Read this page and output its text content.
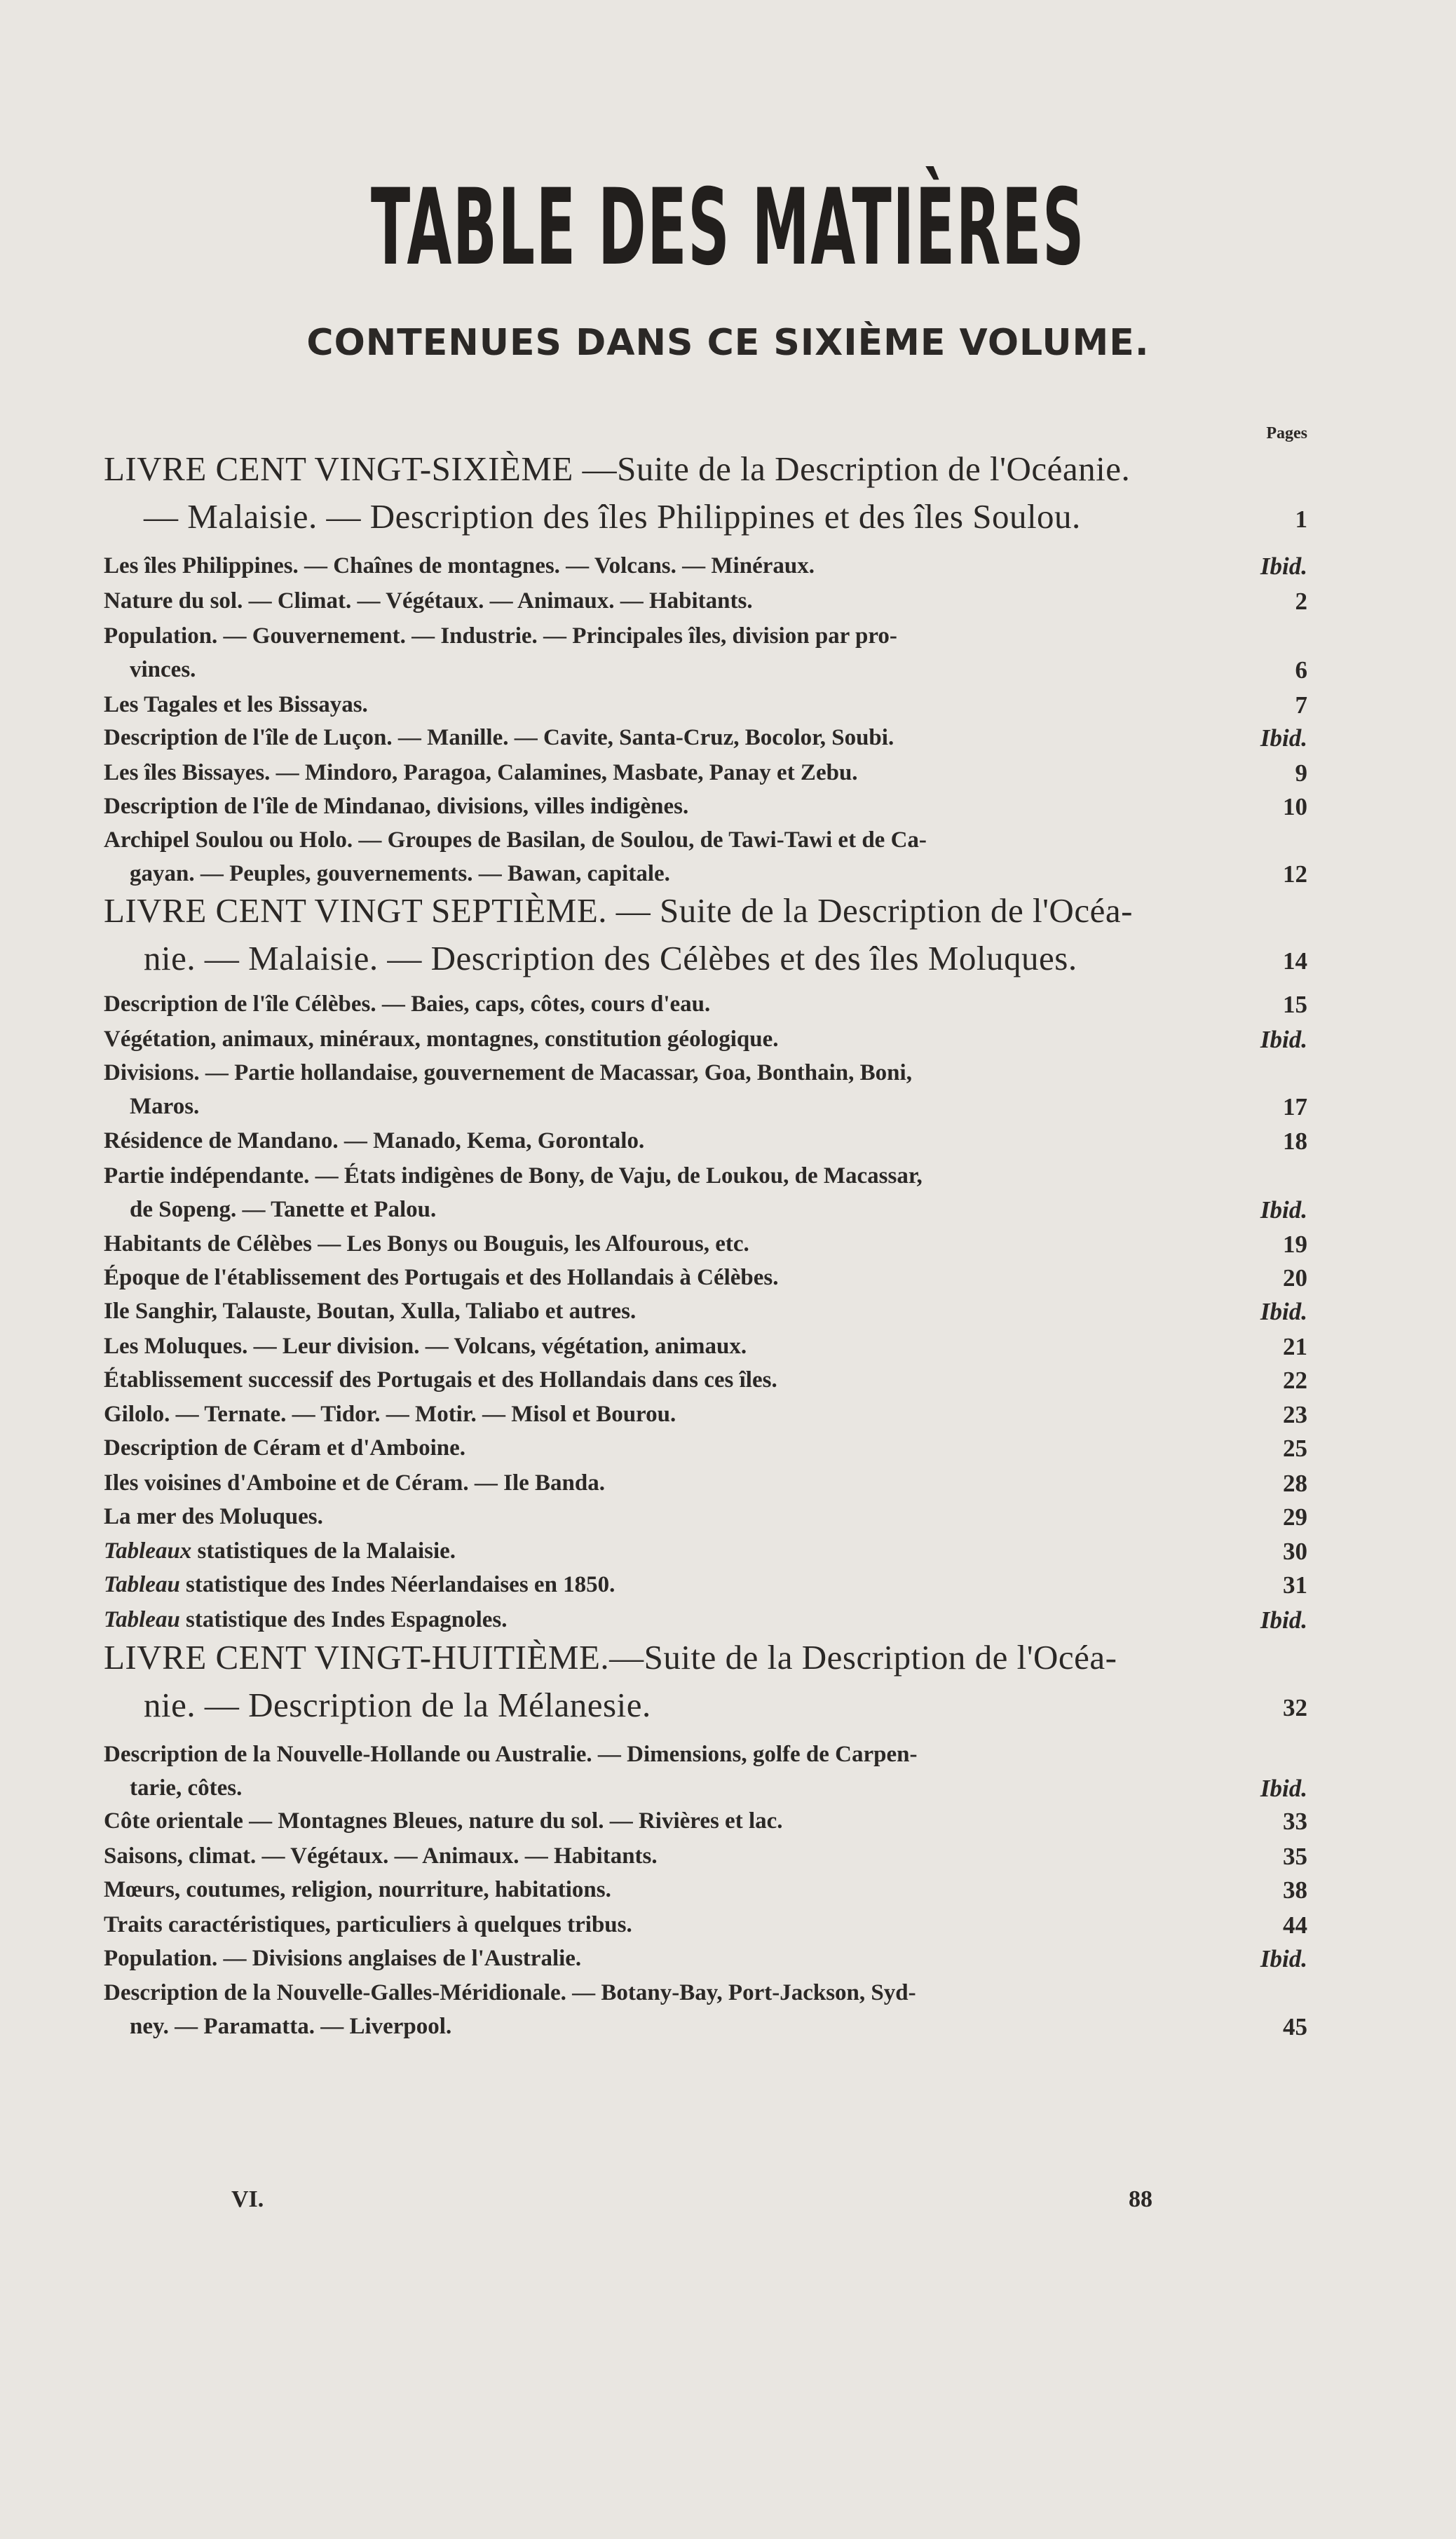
TABLE DES MATIÈRES
CONTENUES DANS CE SIXIÈME VOLUME.
Pages
LIVRE CENT VINGT-SIXIÈME —Suite de la Description de l'Océanie.
— Malaisie. — Description des îles Philippines et des îles Soulou.	1
Les îles Philippines. — Chaînes de montagnes. — Volcans. — Minéraux.	Ibid.
Nature du sol. — Climat. — Végétaux. — Animaux. — Habitants.	2
Population. — Gouvernement. — Industrie. — Principales îles, division par pro-
vinces.	6
Les Tagales et les Bissayas.	7
Description de l'île de Luçon. — Manille. — Cavite, Santa-Cruz, Bocolor, Soubi.	Ibid.
Les îles Bissayes. — Mindoro, Paragoa, Calamines, Masbate, Panay et Zebu.	9
Description de l'île de Mindanao, divisions, villes indigènes.	10
Archipel Soulou ou Holo. — Groupes de Basilan, de Soulou, de Tawi-Tawi et de Ca-
gayan. — Peuples, gouvernements. — Bawan, capitale.	12
LIVRE CENT VINGT SEPTIÈME. — Suite de la Description de l'Océa-
nie. — Malaisie. — Description des Célèbes et des îles Moluques.	14
Description de l'île Célèbes. — Baies, caps, côtes, cours d'eau.	15
Végétation, animaux, minéraux, montagnes, constitution géologique.	Ibid.
Divisions. — Partie hollandaise, gouvernement de Macassar, Goa, Bonthain, Boni,
Maros.	17
Résidence de Mandano. — Manado, Kema, Gorontalo.	18
Partie indépendante. — États indigènes de Bony, de Vaju, de Loukou, de Macassar,
de Sopeng. — Tanette et Palou.	Ibid.
Habitants de Célèbes — Les Bonys ou Bouguis, les Alfourous, etc.	19
Époque de l'établissement des Portugais et des Hollandais à Célèbes.	20
Ile Sanghir, Talauste, Boutan, Xulla, Taliabo et autres.	Ibid.
Les Moluques. — Leur division. — Volcans, végétation, animaux.	21
Établissement successif des Portugais et des Hollandais dans ces îles.	22
Gilolo. — Ternate. — Tidor. — Motir. — Misol et Bourou.	23
Description de Céram et d'Amboine.	25
Iles voisines d'Amboine et de Céram. — Ile Banda.	28
La mer des Moluques.	29
Tableaux statistiques de la Malaisie.	30
Tableau statistique des Indes Néerlandaises en 1850.	31
Tableau statistique des Indes Espagnoles.	Ibid.
LIVRE CENT VINGT-HUITIÈME.—Suite de la Description de l'Océa-
nie. — Description de la Mélanesie.	32
Description de la Nouvelle-Hollande ou Australie. — Dimensions, golfe de Carpen-
tarie, côtes.	Ibid.
Côte orientale — Montagnes Bleues, nature du sol. — Rivières et lac.	33
Saisons, climat. — Végétaux. — Animaux. — Habitants.	35
Mœurs, coutumes, religion, nourriture, habitations.	38
Traits caractéristiques, particuliers à quelques tribus.	44
Population. — Divisions anglaises de l'Australie.	Ibid.
Description de la Nouvelle-Galles-Méridionale. — Botany-Bay, Port-Jackson, Syd-
ney. — Paramatta. — Liverpool.	45
VI.	88
